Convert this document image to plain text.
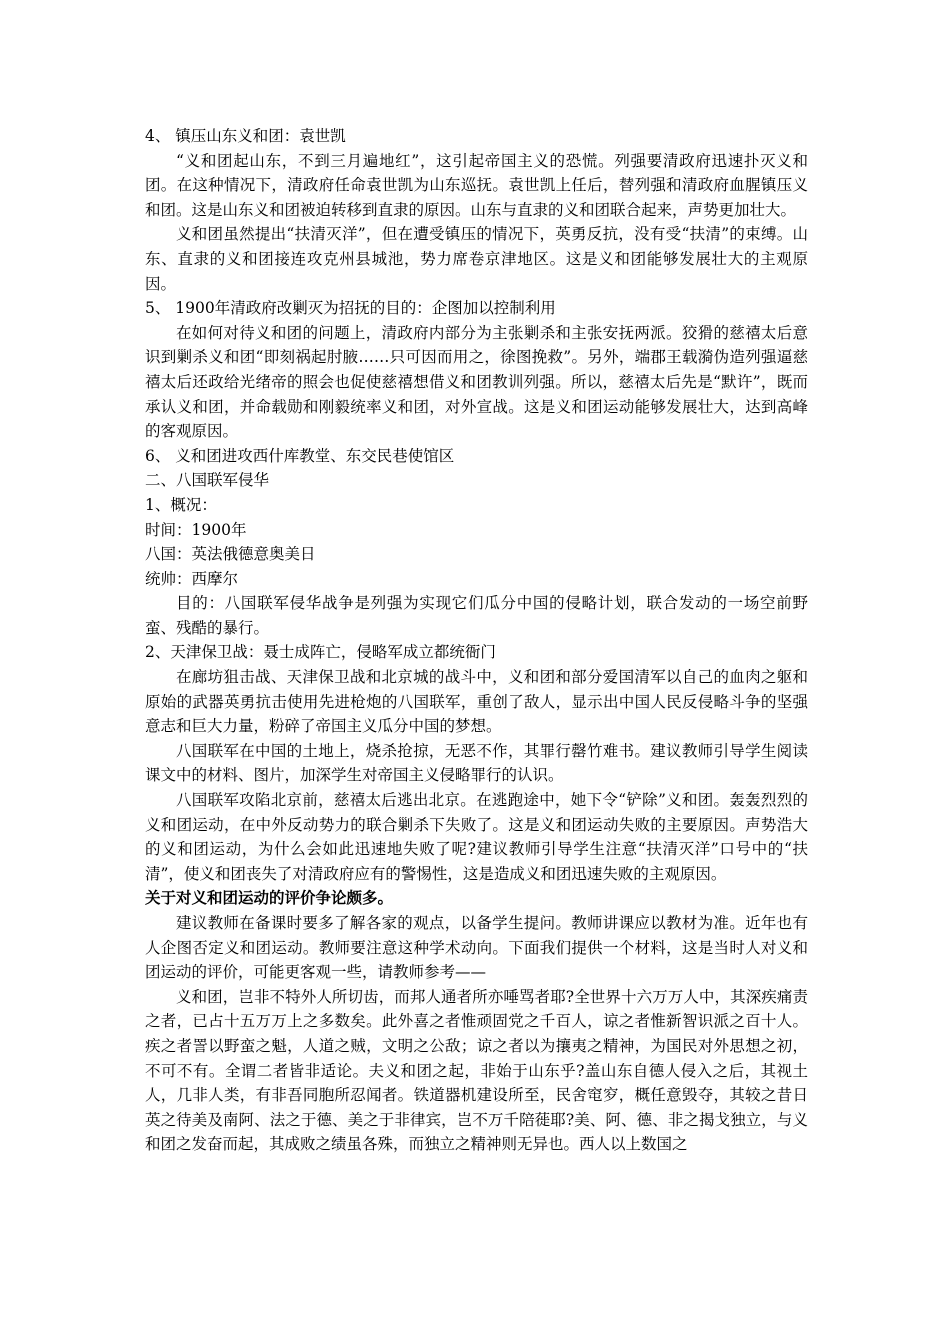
4、 镇压山东义和团：袁世凯

“义和团起山东，不到三月遍地红”，这引起帝国主义的恐慌。列强要清政府迅速扑灭义和团。在这种情况下，清政府任命袁世凯为山东巡抚。袁世凯上任后，替列强和清政府血腥镇压义和团。这是山东义和团被迫转移到直隶的原因。山东与直隶的义和团联合起来，声势更加壮大。

义和团虽然提出“扶清灭洋”，但在遭受镇压的情况下，英勇反抗，没有受“扶清”的束缚。山东、直隶的义和团接连攻克州县城池，势力席卷京津地区。这是义和团能够发展壮大的主观原因。

5、 1900年清政府改剿灭为招抚的目的：企图加以控制利用

在如何对待义和团的问题上，清政府内部分为主张剿杀和主张安抚两派。狡猾的慈禧太后意识到剿杀义和团“即刻祸起肘腋……只可因而用之，徐图挽救”。另外，端郡王载漪伪造列强逼慈禧太后还政给光绪帝的照会也促使慈禧想借义和团教训列强。所以，慈禧太后先是“默许”，既而承认义和团，并命载勋和刚毅统率义和团，对外宣战。这是义和团运动能够发展壮大，达到高峰的客观原因。

6、 义和团进攻西什库教堂、东交民巷使馆区

二、八国联军侵华

1、概况：

时间：1900年

八国：英法俄德意奥美日

统帅：西摩尔

目的：八国联军侵华战争是列强为实现它们瓜分中国的侵略计划，联合发动的一场空前野蛮、残酷的暴行。

2、天津保卫战：聂士成阵亡，侵略军成立都统衙门

在廊坊狙击战、天津保卫战和北京城的战斗中，义和团和部分爱国清军以自己的血肉之躯和原始的武器英勇抗击使用先进枪炮的八国联军，重创了敌人，显示出中国人民反侵略斗争的坚强意志和巨大力量，粉碎了帝国主义瓜分中国的梦想。

八国联军在中国的土地上，烧杀抢掠，无恶不作，其罪行罄竹难书。建议教师引导学生阅读课文中的材料、图片，加深学生对帝国主义侵略罪行的认识。

八国联军攻陷北京前，慈禧太后逃出北京。在逃跑途中，她下令“铲除”义和团。轰轰烈烈的义和团运动，在中外反动势力的联合剿杀下失败了。这是义和团运动失败的主要原因。声势浩大的义和团运动，为什么会如此迅速地失败了呢?建议教师引导学生注意“扶清灭洋”口号中的“扶清”，使义和团丧失了对清政府应有的警惕性，这是造成义和团迅速失败的主观原因。

关于对义和团运动的评价争论颇多。

建议教师在备课时要多了解各家的观点，以备学生提问。教师讲课应以教材为准。近年也有人企图否定义和团运动。教师要注意这种学术动向。下面我们提供一个材料，这是当时人对义和团运动的评价，可能更客观一些，请教师参考——

义和团，岂非不特外人所切齿，而邦人通者所亦唾骂者耶?全世界十六万万人中，其深疾痛责之者，已占十五万万上之多数矣。此外喜之者惟顽固党之千百人，谅之者惟新智识派之百十人。疾之者詈以野蛮之魁，人道之贼，文明之公敌；谅之者以为攘夷之精神，为国民对外思想之初，不可不有。全谓二者皆非适论。夫义和团之起，非始于山东乎?盖山东自德人侵入之后，其视土人，几非人类，有非吾同胞所忍闻者。铁道器机建设所至，民舍窀穸，概任意毁夺，其较之昔日英之待美及南阿、法之于德、美之于非律宾，岂不万千陪蓰耶?美、阿、德、非之揭戈独立，与义和团之发奋而起，其成败之绩虽各殊，而独立之精神则无异也。西人以上数国之
